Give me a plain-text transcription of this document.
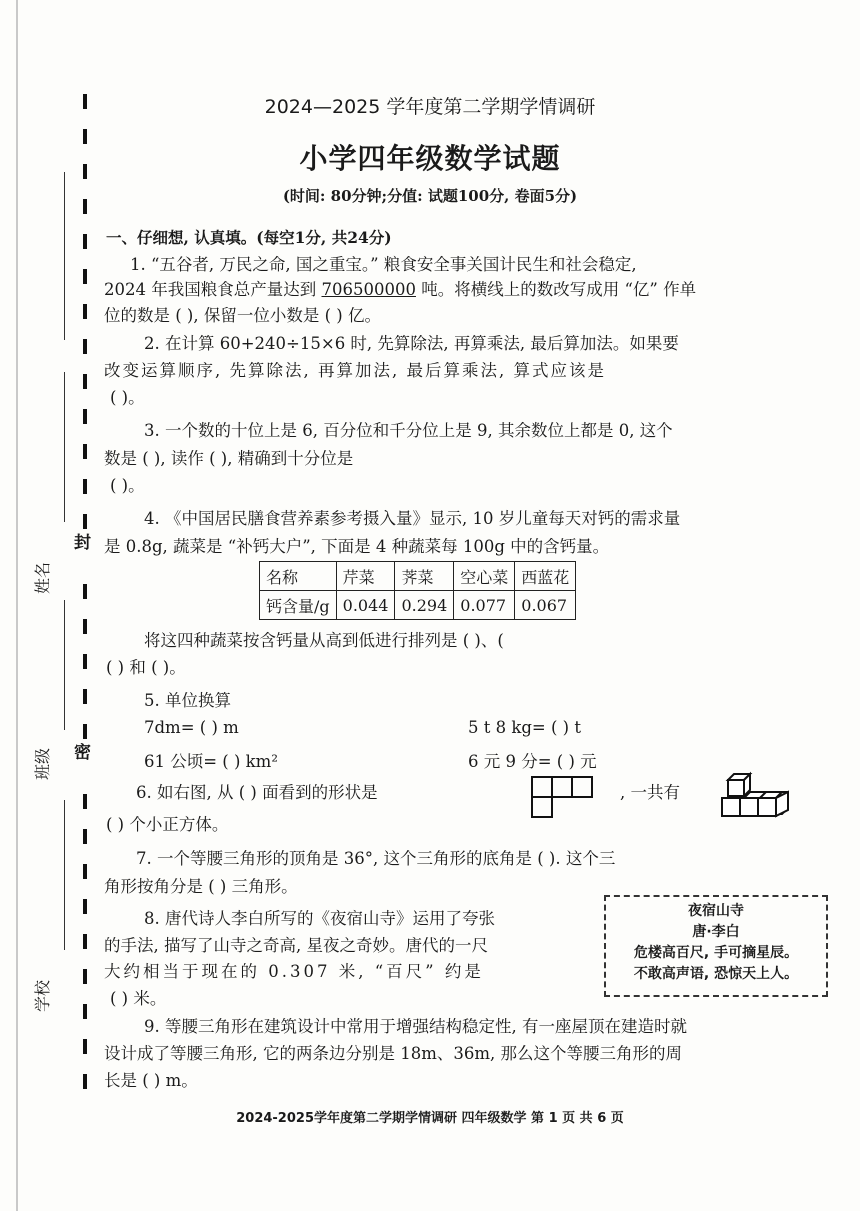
封
密
姓名
班级
学校
2024—2025 学年度第二学期学情调研
小学四年级数学试题
(时间: 80分钟;分值: 试题100分, 卷面5分)
一、仔细想, 认真填。(每空1分, 共24分)
1. “五谷者, 万民之命, 国之重宝。” 粮食安全事关国计民生和社会稳定,
2024 年我国粮食总产量达到 706500000 吨。将横线上的数改写成用 “亿” 作单
位的数是 ( ), 保留一位小数是 ( ) 亿。
2. 在计算 60+240÷15×6 时, 先算除法, 再算乘法, 最后算加法。如果要
改变运算顺序, 先算除法, 再算加法, 最后算乘法, 算式应该是
( )。
3. 一个数的十位上是 6, 百分位和千分位上是 9, 其余数位上都是 0, 这个
数是 ( ), 读作 ( ), 精确到十分位是
( )。
4. 《中国居民膳食营养素参考摄入量》显示, 10 岁儿童每天对钙的需求量
是 0.8g, 蔬菜是 “补钙大户”, 下面是 4 种蔬菜每 100g 中的含钙量。
名称	芹菜	荠菜	空心菜	西蓝花
钙含量/g	0.044	0.294	0.077	0.067
将这四种蔬菜按含钙量从高到低进行排列是 ( )、(
( ) 和 ( )。
5. 单位换算
7dm= ( ) m	5 t 8 kg= ( ) t
61 公顷= ( ) km²	6 元 9 分= ( ) 元
6. 如右图, 从 ( ) 面看到的形状是	, 一共有
( ) 个小正方体。
7. 一个等腰三角形的顶角是 36°, 这个三角形的底角是 ( ). 这个三
角形按角分是 ( ) 三角形。
8. 唐代诗人李白所写的《夜宿山寺》运用了夸张
的手法, 描写了山寺之奇高, 星夜之奇妙。唐代的一尺
大约相当于现在的 0.307 米, “百尺” 约是
( ) 米。
夜宿山寺
唐·李白
危楼高百尺, 手可摘星辰。
不敢高声语, 恐惊天上人。
9. 等腰三角形在建筑设计中常用于增强结构稳定性, 有一座屋顶在建造时就
设计成了等腰三角形, 它的两条边分别是 18m、36m, 那么这个等腰三角形的周
长是 ( ) m。
2024-2025学年度第二学期学情调研 四年级数学 第 1 页 共 6 页
